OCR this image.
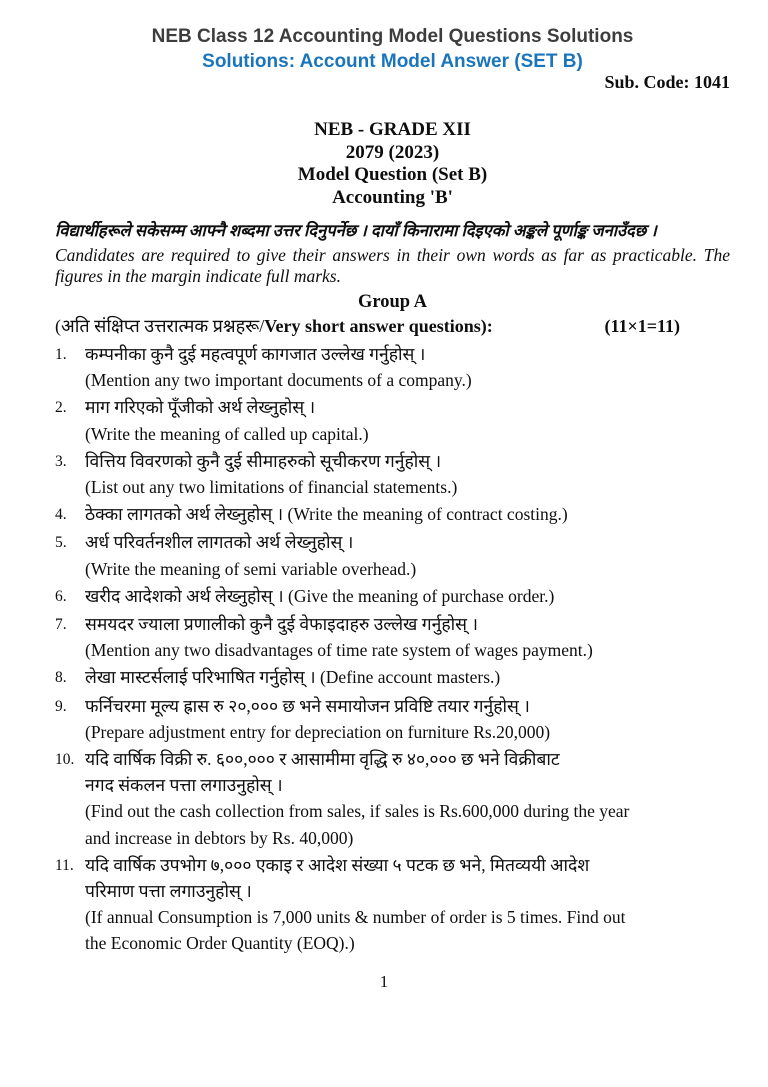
NEB Class 12 Accounting Model Questions Solutions
Solutions: Account Model Answer (SET B)
Sub. Code: 1041
NEB - GRADE XII
2079 (2023)
Model Question (Set B)
Accounting 'B'
विद्यार्थीहरूले सकेसम्म आफ्नै शब्दमा उत्तर दिनुपर्नेछ । दायाँ किनारामा दिइएको अङ्कले पूर्णाङ्क जनाउँदछ ।
Candidates are required to give their answers in their own words as far as practicable. The figures in the margin indicate full marks.
Group A
(अति संक्षिप्त उत्तरात्मक प्रश्नहरू/Very short answer questions):	(11×1=11)
1.	कम्पनीका कुनै दुई महत्वपूर्ण कागजात उल्लेख गर्नुहोस् ।
(Mention any two important documents of a company.)
2.	माग गरिएको पूँजीको अर्थ लेख्नुहोस् ।
(Write the meaning of called up capital.)
3.	वित्तिय विवरणको कुनै दुई सीमाहरुको सूचीकरण गर्नुहोस् ।
(List out any two limitations of financial statements.)
4.	ठेक्का लागतको अर्थ लेख्नुहोस् । (Write the meaning of contract costing.)
5.	अर्ध परिवर्तनशील लागतको अर्थ लेख्नुहोस् ।
(Write the meaning of semi variable overhead.)
6.	खरीद आदेशको अर्थ लेख्नुहोस् । (Give the meaning of purchase order.)
7.	समयदर ज्याला प्रणालीको कुनै दुई वेफाइदाहरु उल्लेख गर्नुहोस् ।
(Mention any two disadvantages of time rate system of wages payment.)
8.	लेखा मास्टर्सलाई परिभाषित गर्नुहोस् । (Define account masters.)
9.	फर्निचरमा मूल्य ह्रास रु २०,००० छ भने समायोजन प्रविष्टि तयार गर्नुहोस् ।
(Prepare adjustment entry for depreciation on furniture Rs.20,000)
10. यदि वार्षिक विक्री रु. ६००,००० र आसामीमा वृद्धि रु ४०,००० छ भने विक्रीबाट
नगद संकलन पत्ता लगाउनुहोस् ।
(Find out the cash collection from sales, if sales is Rs.600,000 during the year
and increase in debtors by Rs. 40,000)
11. यदि वार्षिक उपभोग ७,००० एकाइ र आदेश संख्या ५ पटक छ भने, मितव्ययी आदेश
परिमाण पत्ता लगाउनुहोस् ।
(If annual Consumption is 7,000 units & number of order is 5 times. Find out
the Economic Order Quantity (EOQ).)
1
